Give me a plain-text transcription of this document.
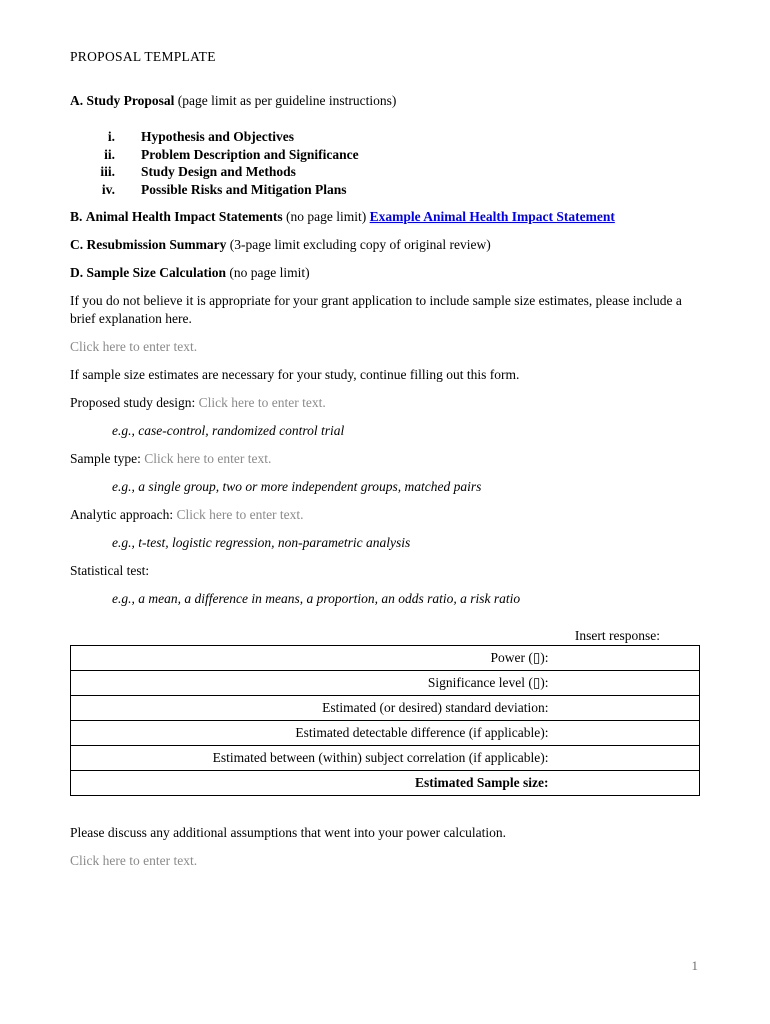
PROPOSAL TEMPLATE

A. Study Proposal (page limit as per guideline instructions)

i. Hypothesis and Objectives
ii. Problem Description and Significance
iii. Study Design and Methods
iv. Possible Risks and Mitigation Plans

B. Animal Health Impact Statements (no page limit) Example Animal Health Impact Statement

C. Resubmission Summary (3-page limit excluding copy of original review)

D. Sample Size Calculation (no page limit)

If you do not believe it is appropriate for your grant application to include sample size estimates, please include a brief explanation here.

Click here to enter text.

If sample size estimates are necessary for your study, continue filling out this form.

Proposed study design: Click here to enter text.

e.g., case-control, randomized control trial

Sample type: Click here to enter text.

e.g., a single group, two or more independent groups, matched pairs

Analytic approach: Click here to enter text.

e.g., t-test, logistic regression, non-parametric analysis

Statistical test:

e.g., a mean, a difference in means, a proportion, an odds ratio, a risk ratio

Insert response:

Power (▯):	
Significance level (▯):	
Estimated (or desired) standard deviation:	
Estimated detectable difference (if applicable):	
Estimated between (within) subject correlation (if applicable):	
Estimated Sample size:	

Please discuss any additional assumptions that went into your power calculation.

Click here to enter text.

1
